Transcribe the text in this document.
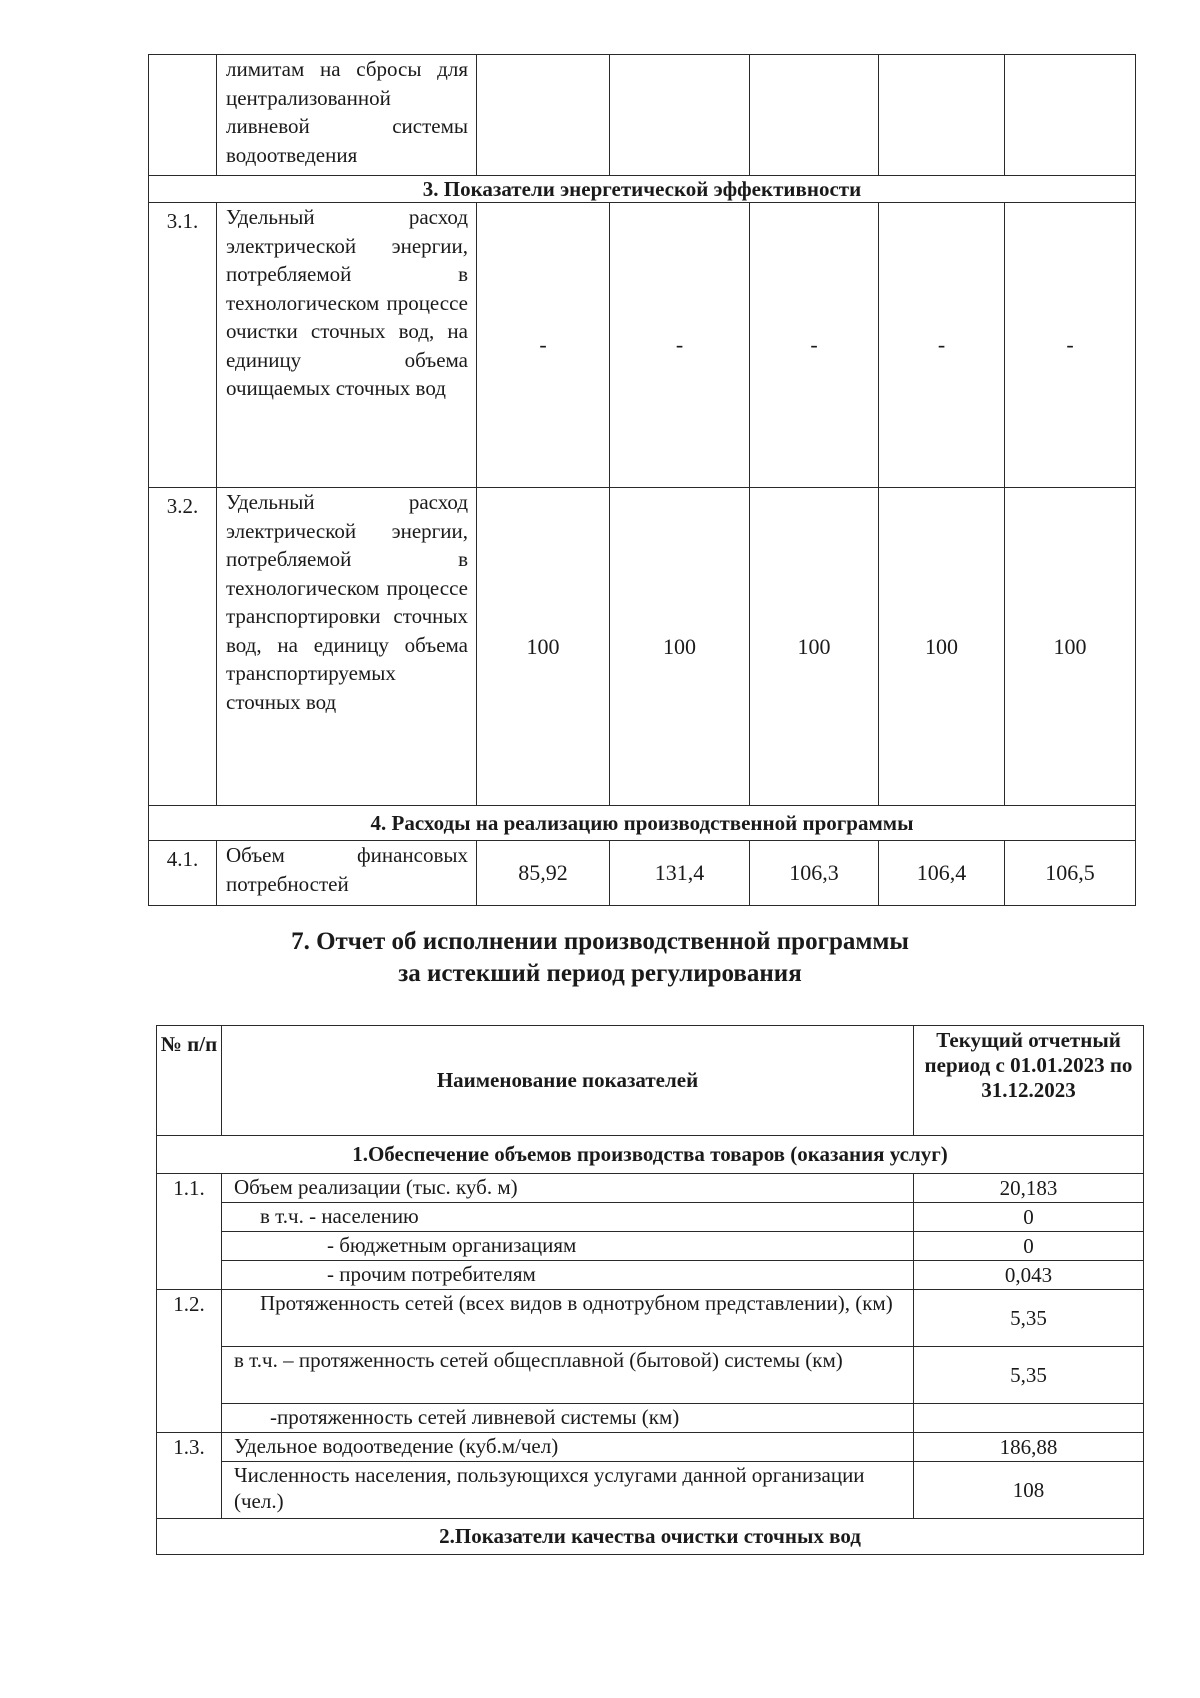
	лимитам на сбросы для централизованной ливневой системы водоотведения					
3. Показатели энергетической эффективности						
3.1.	Удельный расход электрической энергии, потребляемой в технологическом процессе очистки сточных вод, на единицу объема очищаемых сточных вод	-	-	-	-	-
3.2.	Удельный расход электрической энергии, потребляемой в технологическом процессе транспортировки сточных вод, на единицу объема транспортируемых сточных вод	100	100	100	100	100
4. Расходы на реализацию производственной программы						
4.1.	Объем финансовых потребностей	85,92	131,4	106,3	106,4	106,5
7. Отчет об исполнении производственной программы
за истекший период регулирования
№ п/п	Наименование показателей	Текущий отчетный период с 01.01.2023 по 31.12.2023
1.Обеспечение объемов производства товаров (оказания услуг)		
1.1.	Объем реализации (тыс. куб. м)	20,183
	в т.ч. - населению	0
	- бюджетным организациям	0
	- прочим потребителям	0,043
1.2.	Протяженность сетей (всех видов в однотрубном представлении), (км)	5,35
	в т.ч. – протяженность сетей общесплавной (бытовой) системы (км)	5,35
	-протяженность сетей ливневой системы (км)	
1.3.	Удельное водоотведение (куб.м/чел)	186,88
	Численность населения, пользующихся услугами данной организации (чел.)	108
2.Показатели качества очистки сточных вод		
